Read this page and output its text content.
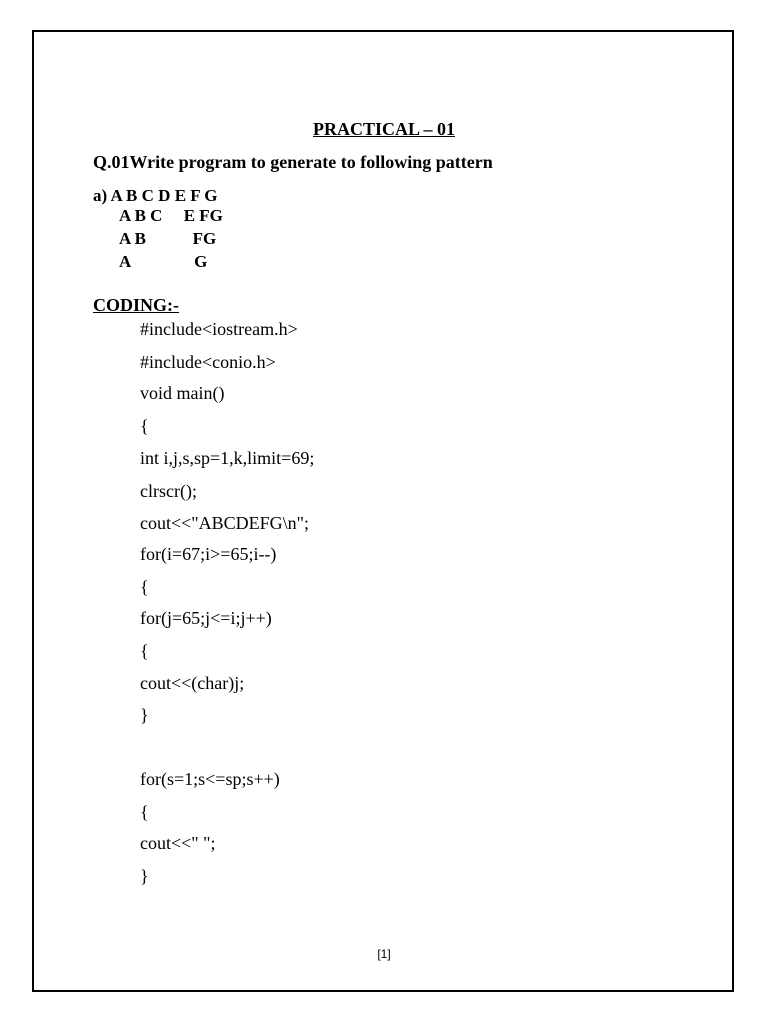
PRACTICAL – 01
Q.01Write program to generate to following pattern
a) A B C D E F G
A B C     E FG
A B           FG
A               G
CODING:-
#include<iostream.h>
#include<conio.h>
void main()
{
int i,j,s,sp=1,k,limit=69;
clrscr();
cout<<"ABCDEFG\n";
for(i=67;i>=65;i--)
{
for(j=65;j<=i;j++)
{
cout<<(char)j;
}
for(s=1;s<=sp;s++)
{
cout<<" ";
}
[1]
